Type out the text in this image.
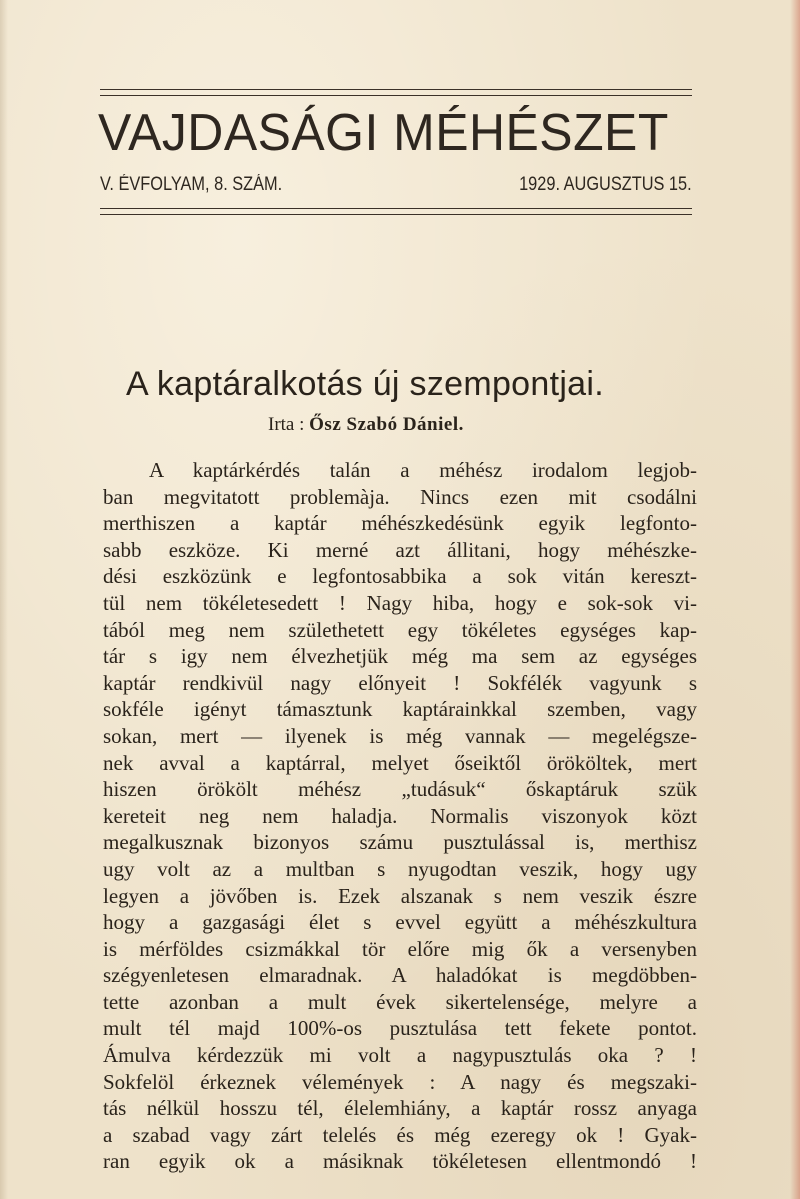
VAJDASÁGI MÉHÉSZET
V. ÉVFOLYAM, 8. SZÁM.	1929. AUGUSZTUS 15.
A kaptáralkotás új szempontjai.
Irta : Ősz Szabó Dániel.
A kaptárkérdés talán a méhész irodalom legjob-
ban megvitatott problemàja. Nincs ezen mit csodálni
merthiszen a kaptár méhészkedésünk egyik legfonto-
sabb eszköze. Ki merné azt állitani, hogy méhészke-
dési eszközünk e legfontosabbika a sok vitán kereszt-
tül nem tökéletesedett ! Nagy hiba, hogy e sok-sok vi-
tából meg nem születhetett egy tökéletes egységes kap-
tár s igy nem élvezhetjük még ma sem az egységes
kaptár rendkivül nagy előnyeit ! Sokfélék vagyunk s
sokféle igényt támasztunk kaptárainkkal szemben, vagy
sokan, mert — ilyenek is még vannak — megelégszе-
nek avval a kaptárral, melyet őseiktől örököltek, mert
hiszen örökölt méhész „tudásuk“ őskaptáruk szük
kereteit neg nem haladja. Normalis viszonyok közt
megalkusznak bizonyos számu pusztulással is, merthisz
ugy volt az a multban s nyugodtan veszik, hogy ugy
legyen a jövőben is. Ezek alszanak s nem veszik észre
hogy a gazgasági élet s evvel együtt a méhészkultura
is mérföldes csizmákkal tör előre mig ők a versenyben
szégyenletesen elmaradnak. A haladókat is megdöbben-
tette azonban a mult évek sikertelensége, melyre a
mult tél majd 100%-os pusztulása tett fekete pontot.
Ámulva kérdezzük mi volt a nagypusztulás oka ? !
Sokfelöl érkeznek vélemények : A nagy és megszaki-
tás nélkül hosszu tél, élelemhiány, a kaptár rossz anyaga
a szabad vagy zárt telelés és még ezeregy ok ! Gyak-
ran egyik ok a másiknak tökéletesen ellentmondó !
